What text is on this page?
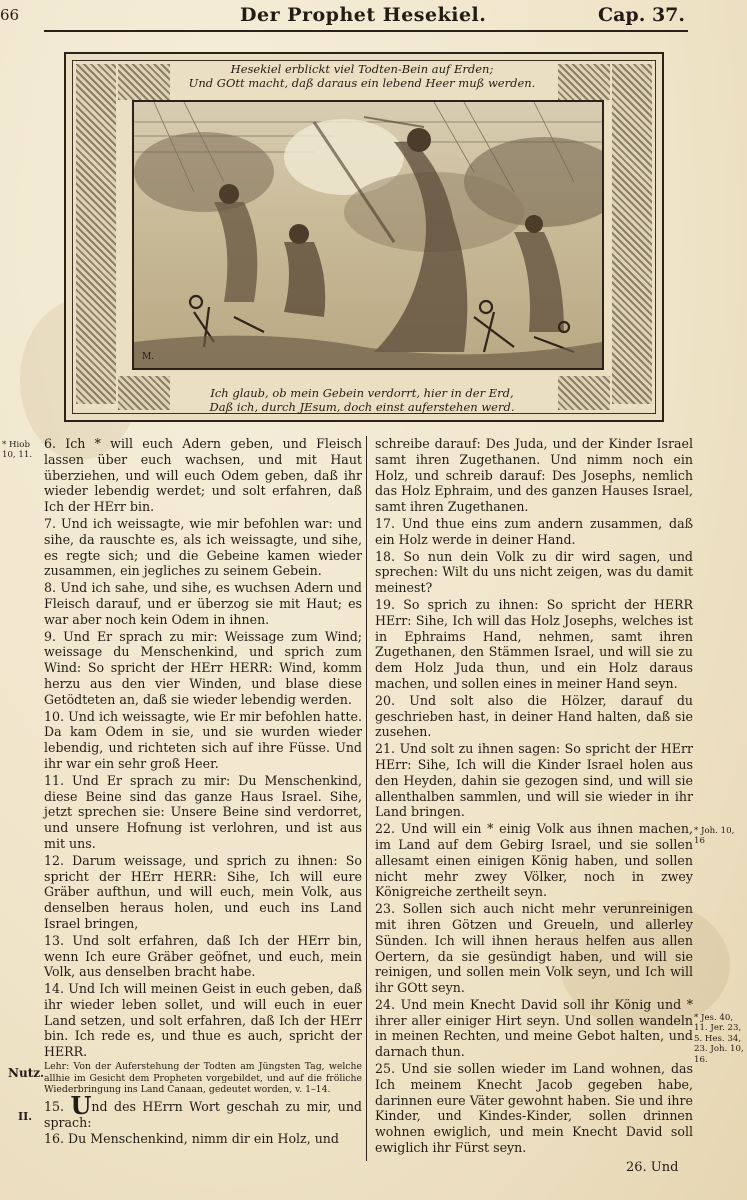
66	Der Prophet Hesekiel.	Cap. 37.
Hesekiel erblickt viel Todten-Bein auf Erden;
Und GOtt macht, daß daraus ein lebend Heer muß werden.
Ich glaub, ob mein Gebein verdorrt, hier in der Erd,
Daß ich, durch JEsum, doch einst auferstehen werd.
M.

6. Ich * will euch Adern geben, und Fleisch lassen über euch wachsen, und mit Haut überziehen, und will euch Odem geben, daß ihr wieder lebendig werdet; und solt erfahren, daß Ich der HErr bin.

7. Und ich weissagte, wie mir befohlen war: und sihe, da rauschte es, als ich weissagte, und sihe, es regte sich; und die Gebeine kamen wieder zusammen, ein jegliches zu seinem Gebein.

8. Und ich sahe, und sihe, es wuchsen Adern und Fleisch darauf, und er überzog sie mit Haut; es war aber noch kein Odem in ihnen.

9. Und Er sprach zu mir: Weissage zum Wind; weissage du Menschenkind, und sprich zum Wind: So spricht der HErr HERR: Wind, komm herzu aus den vier Winden, und blase diese Getödteten an, daß sie wieder lebendig werden.

10. Und ich weissagte, wie Er mir befohlen hatte. Da kam Odem in sie, und sie wurden wieder lebendig, und richteten sich auf ihre Füsse. Und ihr war ein sehr groß Heer.

11. Und Er sprach zu mir: Du Menschenkind, diese Beine sind das ganze Haus Israel. Sihe, jetzt sprechen sie: Unsere Beine sind verdorret, und unsere Hofnung ist verlohren, und ist aus mit uns.

12. Darum weissage, und sprich zu ihnen: So spricht der HErr HERR: Sihe, Ich will eure Gräber aufthun, und will euch, mein Volk, aus denselben heraus holen, und euch ins Land Israel bringen,

13. Und solt erfahren, daß Ich der HErr bin, wenn Ich eure Gräber geöfnet, und euch, mein Volk, aus denselben bracht habe.

14. Und Ich will meinen Geist in euch geben, daß ihr wieder leben sollet, und will euch in euer Land setzen, und solt erfahren, daß Ich der HErr bin. Ich rede es, und thue es auch, spricht der HERR.

Lehr: Von der Auferstehung der Todten am Jüngsten Tag, welche allhie im Gesicht dem Propheten vorgebildet, und auf die fröliche Wiederbringung ins Land Canaan, gedeutet worden, v. 1–14.

15. Und des HErrn Wort geschah zu mir, und sprach:

16. Du Menschenkind, nimm dir ein Holz, und

schreibe darauf: Des Juda, und der Kinder Israel samt ihren Zugethanen. Und nimm noch ein Holz, und schreib darauf: Des Josephs, nemlich das Holz Ephraim, und des ganzen Hauses Israel, samt ihren Zugethanen.

17. Und thue eins zum andern zusammen, daß ein Holz werde in deiner Hand.

18. So nun dein Volk zu dir wird sagen, und sprechen: Wilt du uns nicht zeigen, was du damit meinest?

19. So sprich zu ihnen: So spricht der HERR HErr: Sihe, Ich will das Holz Josephs, welches ist in Ephraims Hand, nehmen, samt ihren Zugethanen, den Stämmen Israel, und will sie zu dem Holz Juda thun, und ein Holz daraus machen, und sollen eines in meiner Hand seyn.

20. Und solt also die Hölzer, darauf du geschrieben hast, in deiner Hand halten, daß sie zusehen.

21. Und solt zu ihnen sagen: So spricht der HErr HErr: Sihe, Ich will die Kinder Israel holen aus den Heyden, dahin sie gezogen sind, und will sie allenthalben sammlen, und will sie wieder in ihr Land bringen.

22. Und will ein * einig Volk aus ihnen machen, im Land auf dem Gebirg Israel, und sie sollen allesamt einen einigen König haben, und sollen nicht mehr zwey Völker, noch in zwey Königreiche zertheilt seyn.

23. Sollen sich auch nicht mehr verunreinigen mit ihren Götzen und Greueln, und allerley Sünden. Ich will ihnen heraus helfen aus allen Oertern, da sie gesündigt haben, und will sie reinigen, und sollen mein Volk seyn, und Ich will ihr GOtt seyn.

24. Und mein Knecht David soll ihr König und * ihrer aller einiger Hirt seyn. Und sollen wandeln in meinen Rechten, und meine Gebot halten, und darnach thun.

25. Und sie sollen wieder im Land wohnen, das Ich meinem Knecht Jacob gegeben habe, darinnen eure Väter gewohnt haben. Sie und ihre Kinder, und Kindes-Kinder, sollen drinnen wohnen ewiglich, und mein Knecht David soll ewiglich ihr Fürst seyn.

* Hiob 10, 11.
Nutz.
II.
* Joh. 10, 16
* Jes. 40, 11. Jer. 23, 5. Hes. 34, 23. Joh. 10, 16.
26. Und
